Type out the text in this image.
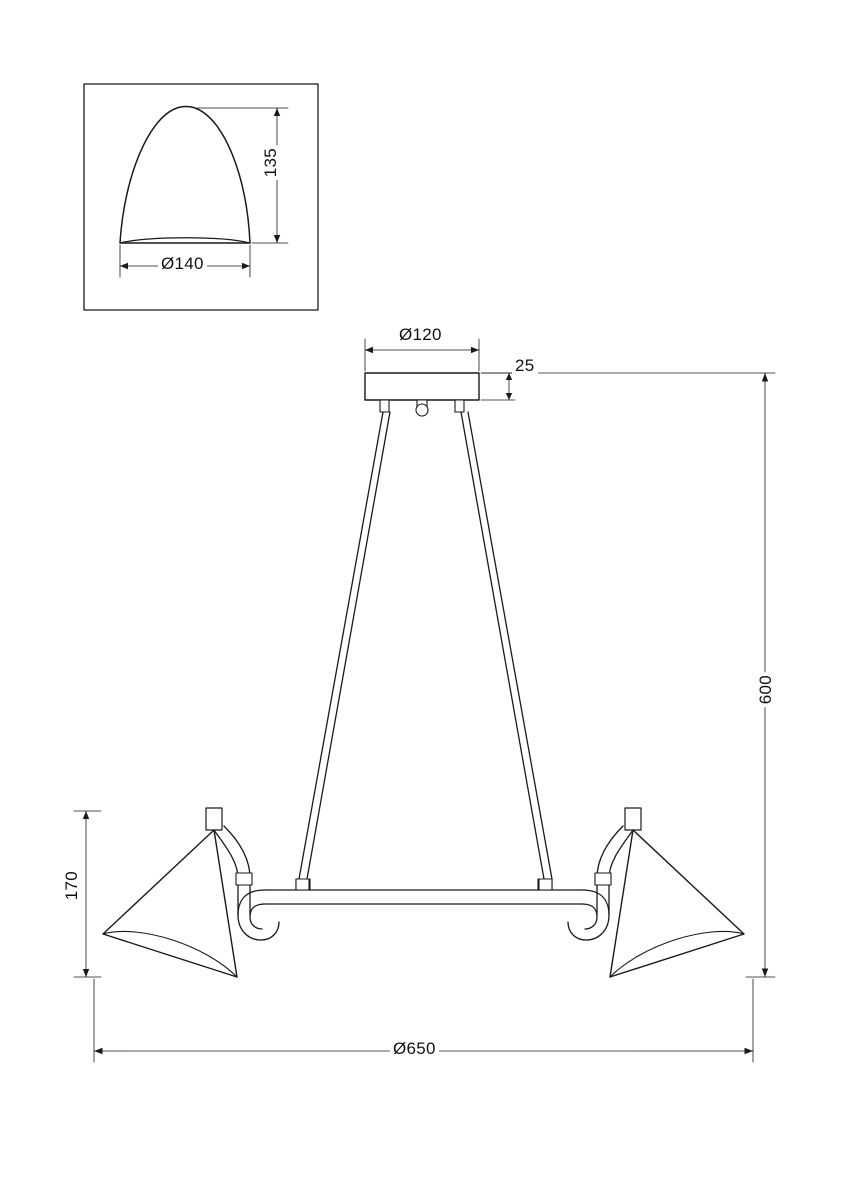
135
Ø140
Ø120
25
600
170
Ø650
